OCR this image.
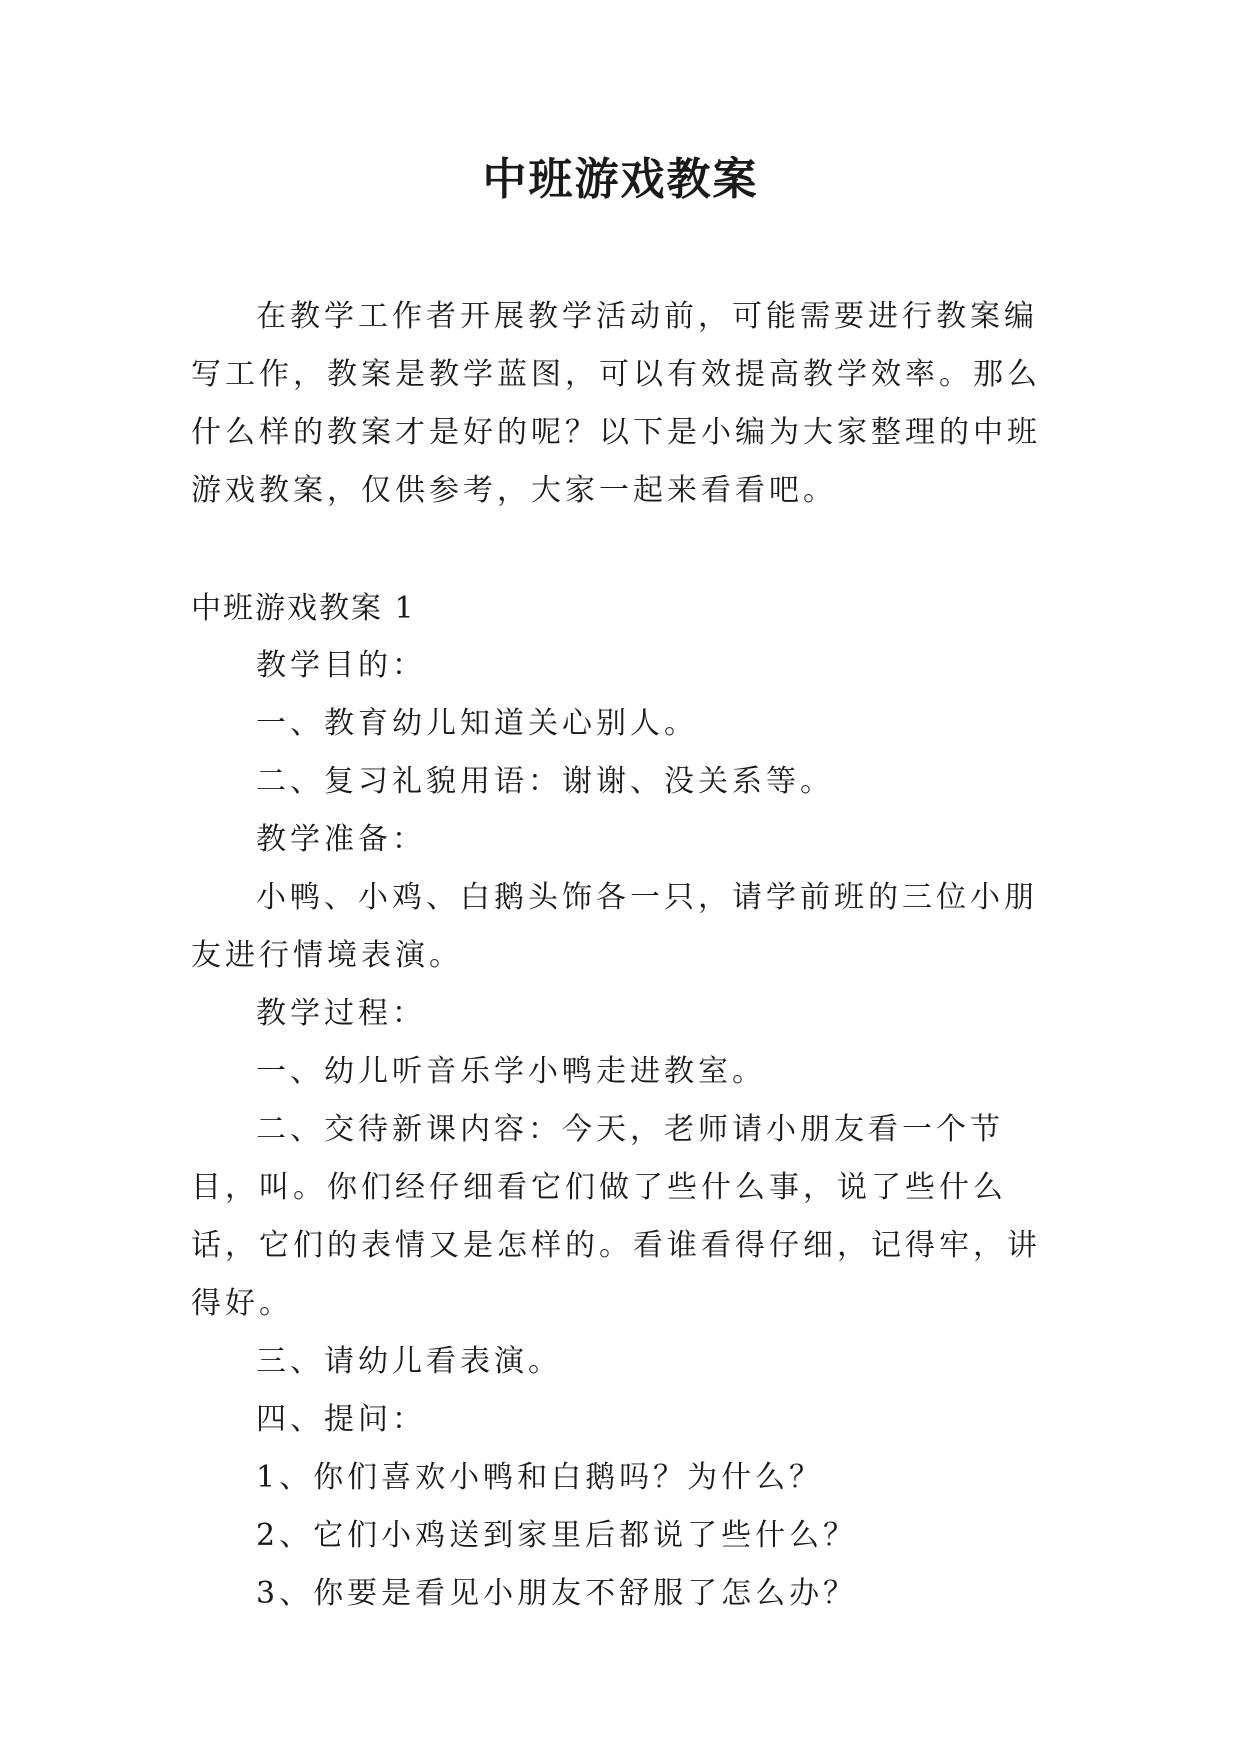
中班游戏教案

在教学工作者开展教学活动前，可能需要进行教案编写工作，教案是教学蓝图，可以有效提高教学效率。那么什么样的教案才是好的呢？以下是小编为大家整理的中班游戏教案，仅供参考，大家一起来看看吧。

中班游戏教案 1

教学目的：

一、教育幼儿知道关心别人。

二、复习礼貌用语：谢谢、没关系等。

教学准备：

小鸭、小鸡、白鹅头饰各一只，请学前班的三位小朋友进行情境表演。

教学过程：

一、幼儿听音乐学小鸭走进教室。

二、交待新课内容：今天，老师请小朋友看一个节目，叫。你们经仔细看它们做了些什么事，说了些什么话，它们的表情又是怎样的。看谁看得仔细，记得牢，讲得好。

三、请幼儿看表演。

四、提问：

1、你们喜欢小鸭和白鹅吗？为什么？

2、它们小鸡送到家里后都说了些什么？

3、你要是看见小朋友不舒服了怎么办？
